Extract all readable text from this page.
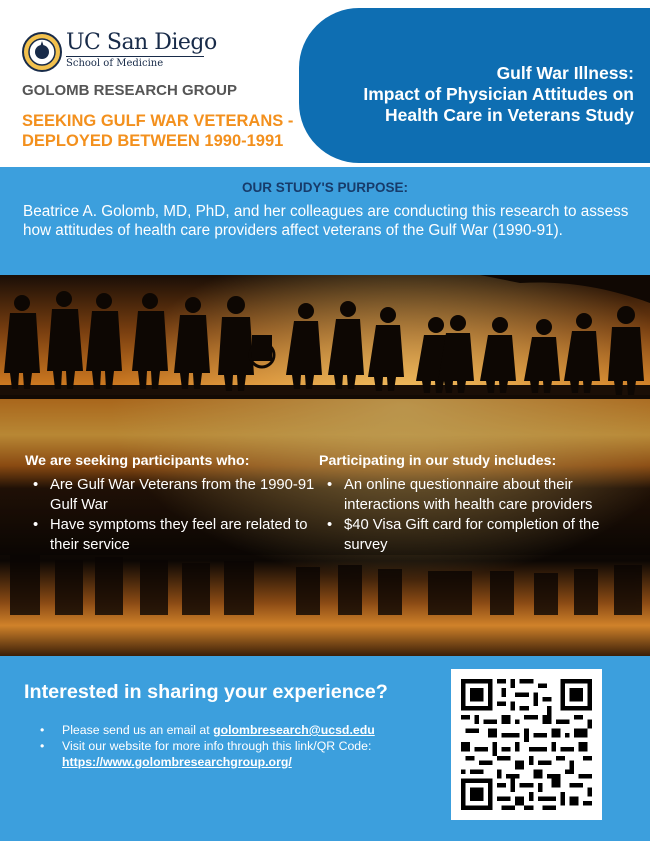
UC San Diego
School of Medicine
GOLOMB RESEARCH GROUP
SEEKING GULF WAR VETERANS -
DEPLOYED BETWEEN 1990-1991
Gulf War Illness:
Impact of Physician Attitudes on
Health Care in Veterans Study
OUR STUDY'S PURPOSE:
Beatrice A. Golomb, MD, PhD, and her colleagues are conducting this research to assess how attitudes of health care providers affect veterans of the Gulf War (1990-91).
We are seeking participants who:
• Are Gulf War Veterans from the 1990-91 Gulf War
• Have symptoms they feel are related to their service
Participating in our study includes:
• An online questionnaire about their interactions with health care providers
• $40 Visa Gift card for completion of the survey
Interested in sharing your experience?
• Please send us an email at golombresearch@ucsd.edu
• Visit our website for more info through this link/QR Code:
https://www.golombresearchgroup.org/
